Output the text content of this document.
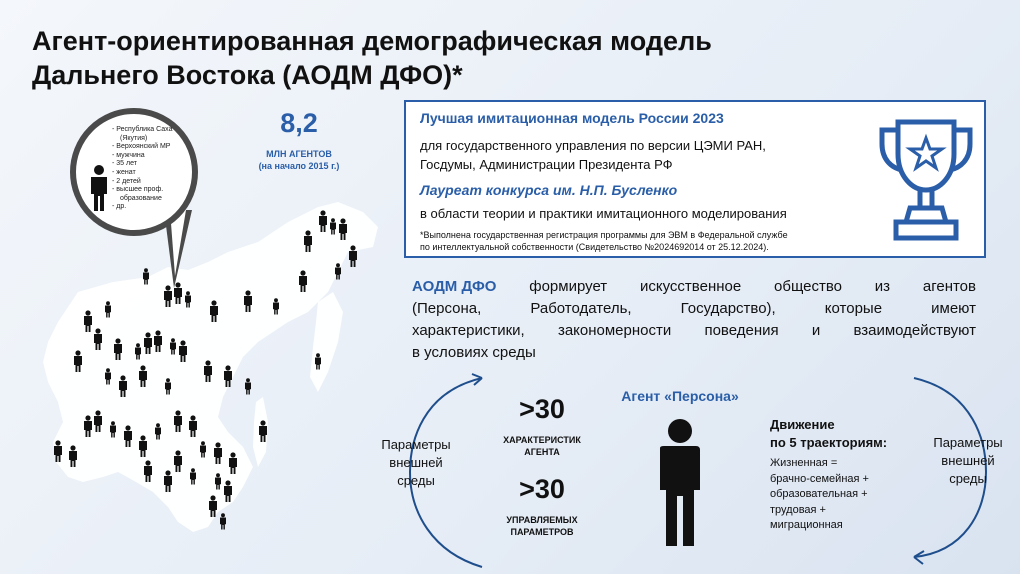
Агент-ориентированная демографическая модель
Дальнего Востока (АОДМ ДФО)*
- Республика Саха
(Якутия)
- Верхоянский МР
- мужчина
- 35 лет
- женат
- 2 детей
- высшее проф.
образование
- др.
8,2
МЛН АГЕНТОВ
(на начало 2015 г.)
Лучшая имитационная модель России 2023
для государственного управления по версии ЦЭМИ РАН,
Госдумы, Администрации Президента РФ
Лауреат конкурса им. Н.П. Бусленко
в области теории и практики имитационного моделирования
*Выполнена государственная регистрация программы для ЭВМ в Федеральной службе
по интеллектуальной собственности (Свидетельство №2024692014 от 25.12.2024).
АОДМ ДФО формирует искусственное общество из агентов
(Персона,	Работодатель,	Государство),	которые	имеют
характеристики, закономерности поведения и взаимодействуют
в условиях среды
Параметры
внешней
среды
Параметры
внешней
среды
>30
ХАРАКТЕРИСТИК
АГЕНТА
>30
УПРАВЛЯЕМЫХ
ПАРАМЕТРОВ
Агент «Персона»
Движение
по 5 траекториям:
Жизненная =
брачно-семейная +
образовательная +
трудовая +
миграционная
